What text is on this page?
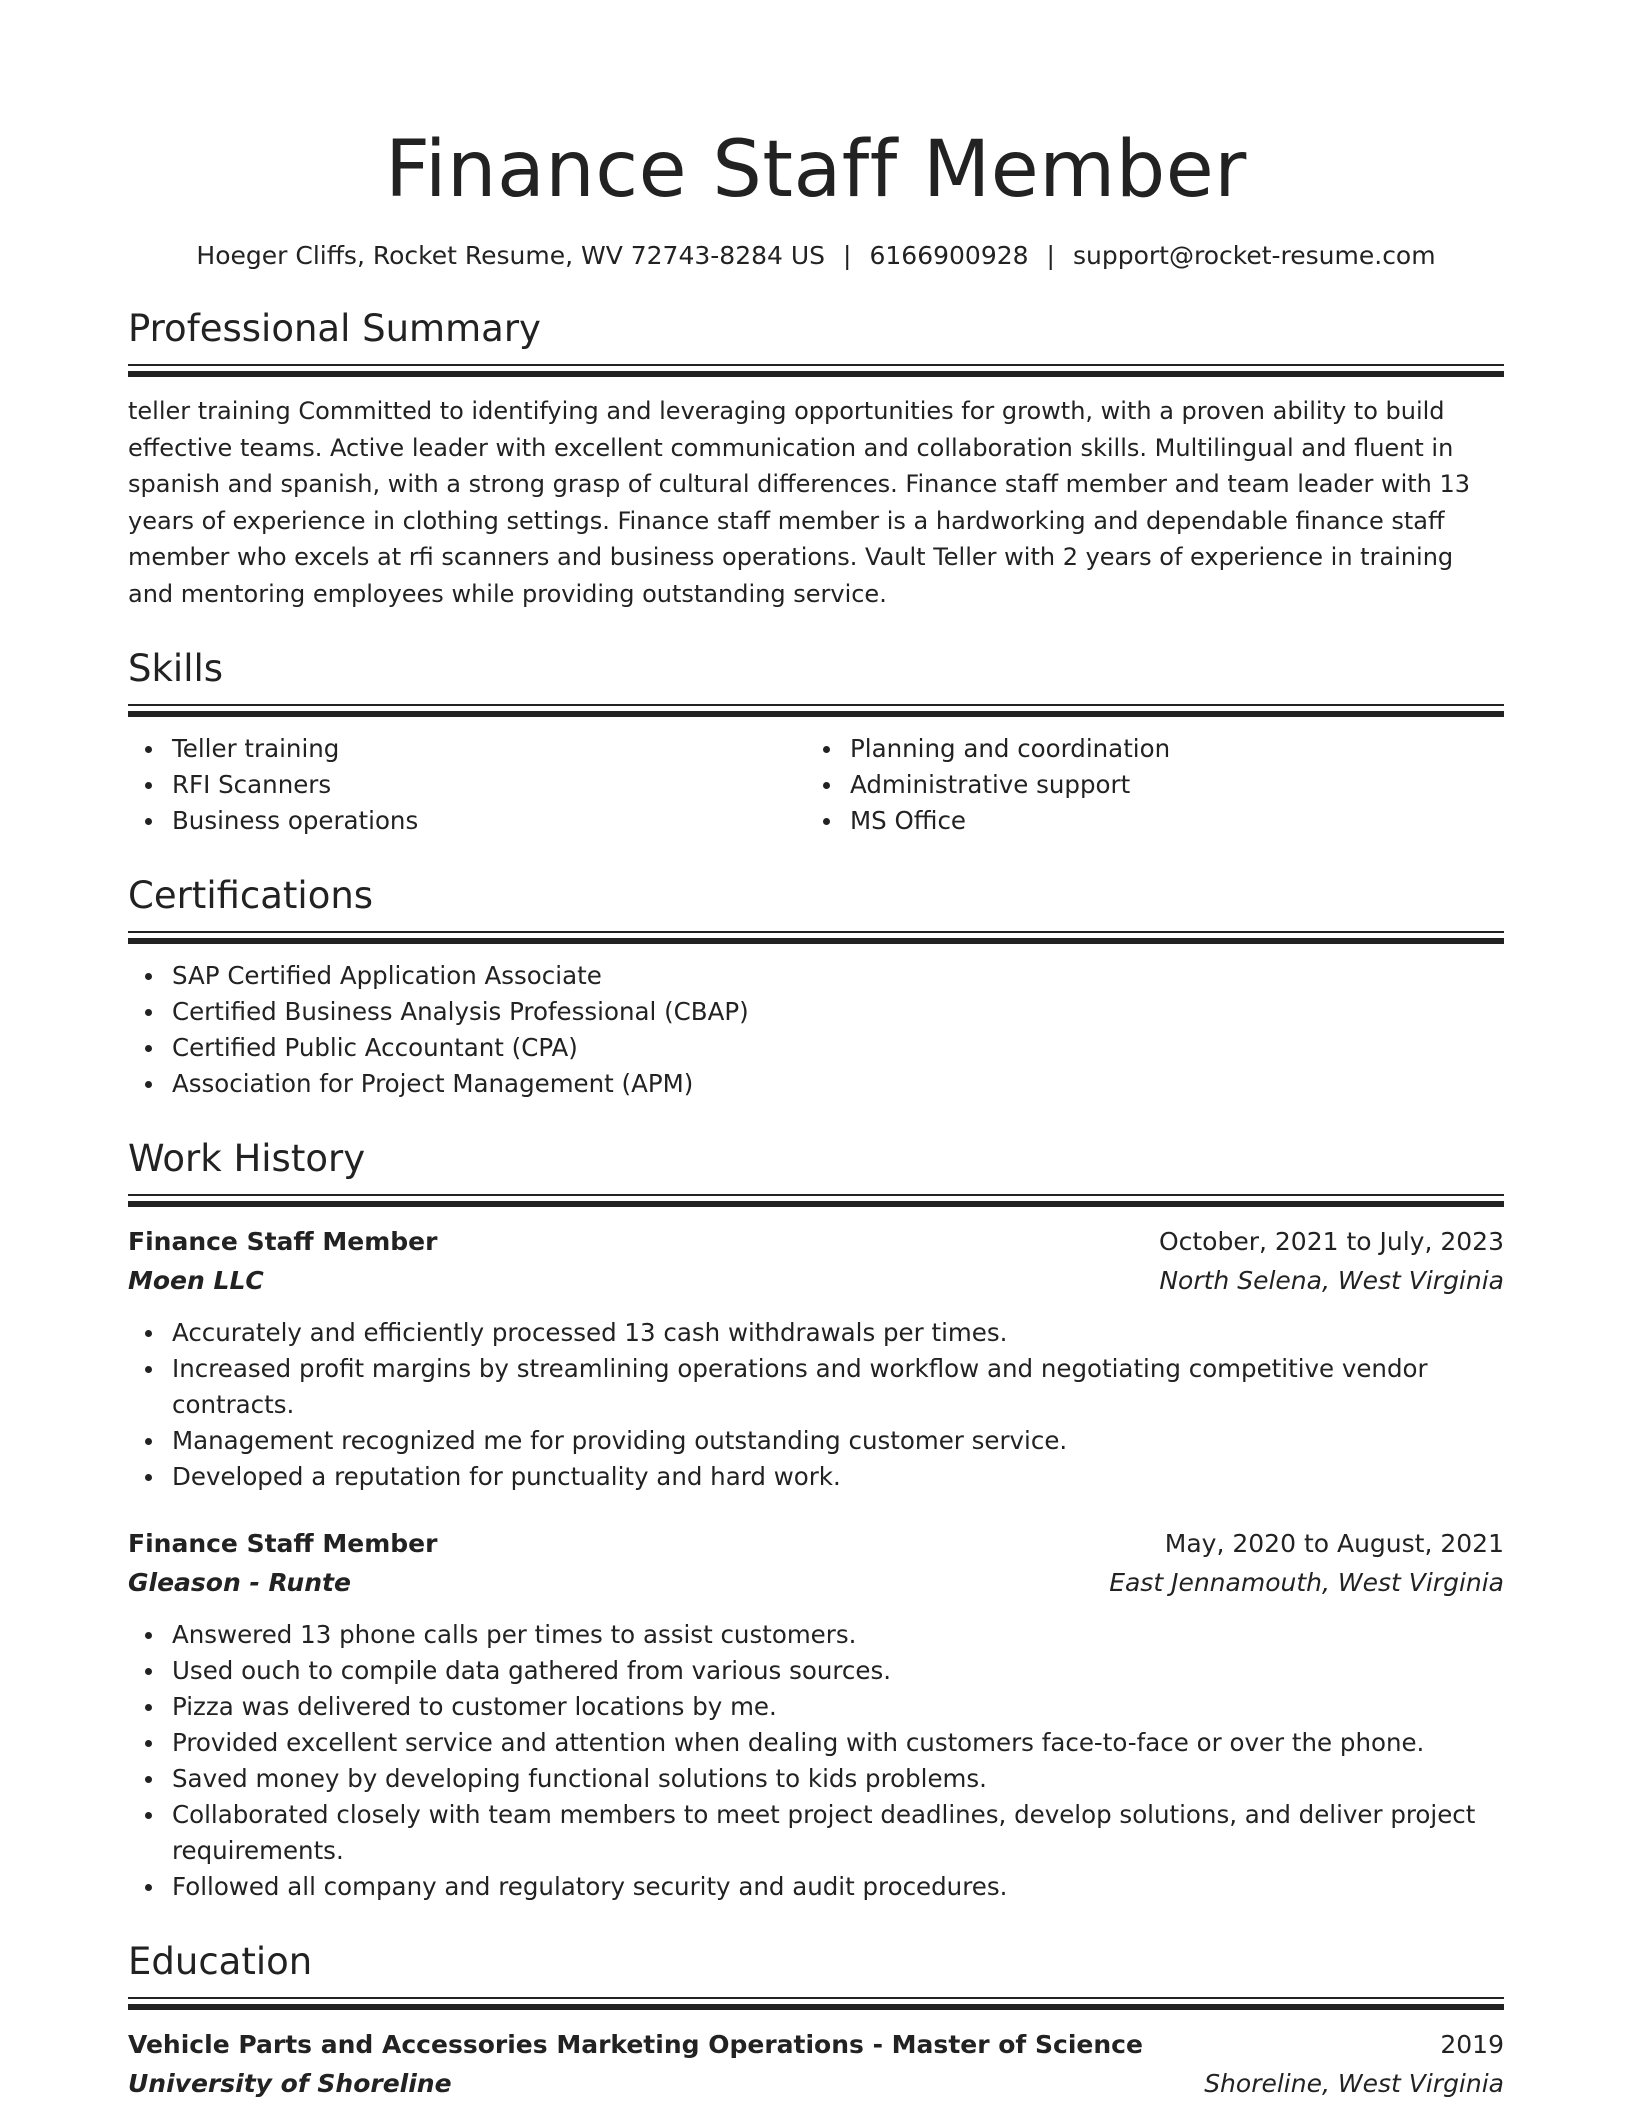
Finance Staff Member
Hoeger Cliffs, Rocket Resume, WV 72743-8284 US | 6166900928 | support@rocket-resume.com
Professional Summary
teller training Committed to identifying and leveraging opportunities for growth, with a proven ability to build effective teams. Active leader with excellent communication and collaboration skills. Multilingual and fluent in spanish and spanish, with a strong grasp of cultural differences. Finance staff member and team leader with 13 years of experience in clothing settings. Finance staff member is a hardworking and dependable finance staff member who excels at rfi scanners and business operations. Vault Teller with 2 years of experience in training and mentoring employees while providing outstanding service.
Skills
Teller training
RFI Scanners
Business operations
Planning and coordination
Administrative support
MS Office
Certifications
SAP Certified Application Associate
Certified Business Analysis Professional (CBAP)
Certified Public Accountant (CPA)
Association for Project Management (APM)
Work History
Finance Staff Member	October, 2021 to July, 2023
Moen LLC	North Selena, West Virginia
Accurately and efficiently processed 13 cash withdrawals per times.
Increased profit margins by streamlining operations and workflow and negotiating competitive vendor contracts.
Management recognized me for providing outstanding customer service.
Developed a reputation for punctuality and hard work.
Finance Staff Member	May, 2020 to August, 2021
Gleason - Runte	East Jennamouth, West Virginia
Answered 13 phone calls per times to assist customers.
Used ouch to compile data gathered from various sources.
Pizza was delivered to customer locations by me.
Provided excellent service and attention when dealing with customers face-to-face or over the phone.
Saved money by developing functional solutions to kids problems.
Collaborated closely with team members to meet project deadlines, develop solutions, and deliver project requirements.
Followed all company and regulatory security and audit procedures.
Education
Vehicle Parts and Accessories Marketing Operations - Master of Science	2019
University of Shoreline	Shoreline, West Virginia
